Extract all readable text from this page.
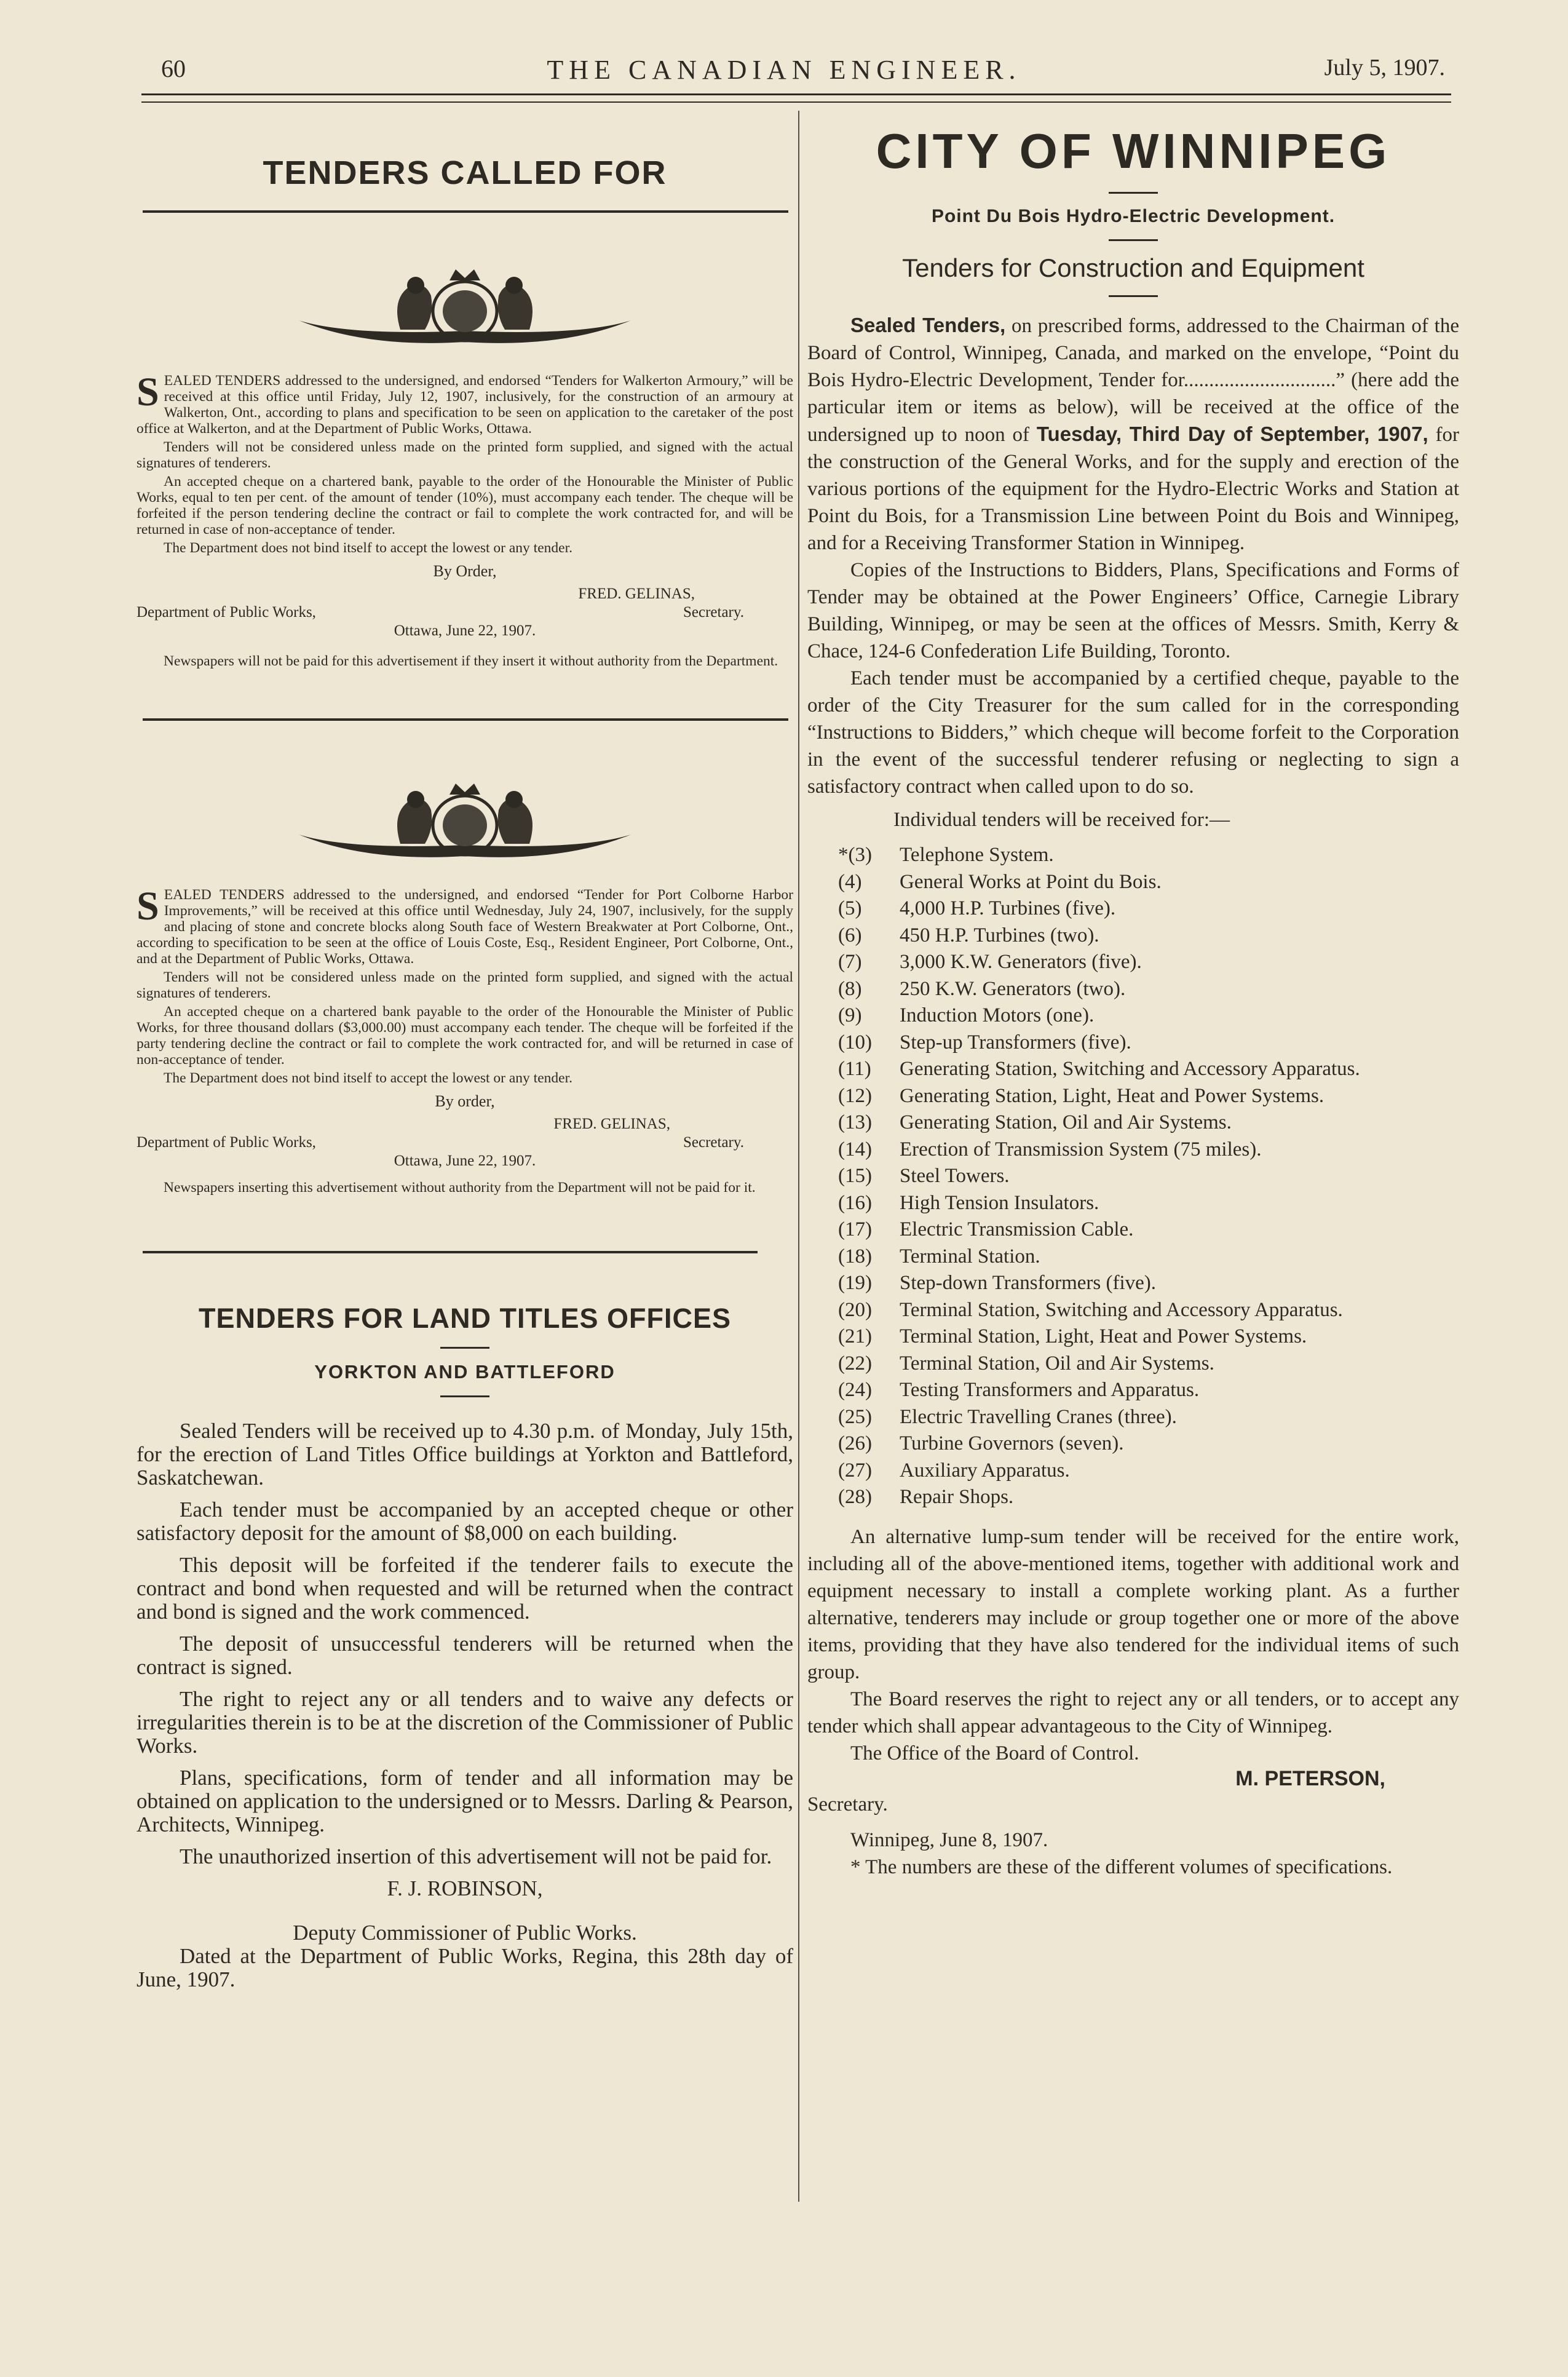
60	THE CANADIAN ENGINEER.	July 5, 1907.
TENDERS CALLED FOR

SEALED TENDERS addressed to the undersigned, and endorsed “Tenders for Walkerton Armoury,” will be received at this office until Friday, July 12, 1907, inclusively, for the construction of an armoury at Walkerton, Ont., according to plans and specification to be seen on application to the caretaker of the post office at Walkerton, and at the Department of Public Works, Ottawa.

Tenders will not be considered unless made on the printed form supplied, and signed with the actual signatures of tenderers.

An accepted cheque on a chartered bank, payable to the order of the Honourable the Minister of Public Works, equal to ten per cent. of the amount of tender (10%), must accompany each tender. The cheque will be forfeited if the person tendering decline the contract or fail to complete the work contracted for, and will be returned in case of non-acceptance of tender.

The Department does not bind itself to accept the lowest or any tender.

By Order,
FRED. GELINAS,
Department of Public Works,	Secretary.
Ottawa, June 22, 1907.

Newspapers will not be paid for this advertisement if they insert it without authority from the Department.

SEALED TENDERS addressed to the undersigned, and endorsed “Tender for Port Colborne Harbor Improvements,” will be received at this office until Wednesday, July 24, 1907, inclusively, for the supply and placing of stone and concrete blocks along South face of Western Breakwater at Port Colborne, Ont., according to specification to be seen at the office of Louis Coste, Esq., Resident Engineer, Port Colborne, Ont., and at the Department of Public Works, Ottawa.

Tenders will not be considered unless made on the printed form supplied, and signed with the actual signatures of tenderers.

An accepted cheque on a chartered bank payable to the order of the Honourable the Minister of Public Works, for three thousand dollars ($3,000.00) must accompany each tender. The cheque will be forfeited if the party tendering decline the contract or fail to complete the work contracted for, and will be returned in case of non-acceptance of tender.

The Department does not bind itself to accept the lowest or any tender.

By order,
FRED. GELINAS,
Department of Public Works,	Secretary.
Ottawa, June 22, 1907.

Newspapers inserting this advertisement without authority from the Department will not be paid for it.

TENDERS FOR LAND TITLES OFFICES
YORKTON AND BATTLEFORD

Sealed Tenders will be received up to 4.30 p.m. of Monday, July 15th, for the erection of Land Titles Office buildings at Yorkton and Battleford, Saskatchewan.

Each tender must be accompanied by an accepted cheque or other satisfactory deposit for the amount of $8,000 on each building.

This deposit will be forfeited if the tenderer fails to execute the contract and bond when requested and will be returned when the contract and bond is signed and the work commenced.

The deposit of unsuccessful tenderers will be returned when the contract is signed.

The right to reject any or all tenders and to waive any defects or irregularities therein is to be at the discretion of the Commissioner of Public Works.

Plans, specifications, form of tender and all information may be obtained on application to the undersigned or to Messrs. Darling & Pearson, Architects, Winnipeg.

The unauthorized insertion of this advertisement will not be paid for.

F. J. ROBINSON,
Deputy Commissioner of Public Works.

Dated at the Department of Public Works, Regina, this 28th day of June, 1907.

CITY OF WINNIPEG
Point Du Bois Hydro-Electric Development.
Tenders for Construction and Equipment

Sealed Tenders, on prescribed forms, addressed to the Chairman of the Board of Control, Winnipeg, Canada, and marked on the envelope, “Point du Bois Hydro-Electric Development, Tender for..............................” (here add the particular item or items as below), will be received at the office of the undersigned up to noon of Tuesday, Third Day of September, 1907, for the construction of the General Works, and for the supply and erection of the various portions of the equipment for the Hydro-Electric Works and Station at Point du Bois, for a Transmission Line between Point du Bois and Winnipeg, and for a Receiving Transformer Station in Winnipeg.

Copies of the Instructions to Bidders, Plans, Specifications and Forms of Tender may be obtained at the Power Engineers’ Office, Carnegie Library Building, Winnipeg, or may be seen at the offices of Messrs. Smith, Kerry & Chace, 124-6 Confederation Life Building, Toronto.

Each tender must be accompanied by a certified cheque, payable to the order of the City Treasurer for the sum called for in the corresponding “Instructions to Bidders,” which cheque will become forfeit to the Corporation in the event of the successful tenderer refusing or neglecting to sign a satisfactory contract when called upon to do so.

Individual tenders will be received for:—

*(3) Telephone System.
(4) General Works at Point du Bois.
(5) 4,000 H.P. Turbines (five).
(6) 450 H.P. Turbines (two).
(7) 3,000 K.W. Generators (five).
(8) 250 K.W. Generators (two).
(9) Induction Motors (one).
(10) Step-up Transformers (five).
(11) Generating Station, Switching and Accessory Apparatus.
(12) Generating Station, Light, Heat and Power Systems.
(13) Generating Station, Oil and Air Systems.
(14) Erection of Transmission System (75 miles).
(15) Steel Towers.
(16) High Tension Insulators.
(17) Electric Transmission Cable.
(18) Terminal Station.
(19) Step-down Transformers (five).
(20) Terminal Station, Switching and Accessory Apparatus.
(21) Terminal Station, Light, Heat and Power Systems.
(22) Terminal Station, Oil and Air Systems.
(24) Testing Transformers and Apparatus.
(25) Electric Travelling Cranes (three).
(26) Turbine Governors (seven).
(27) Auxiliary Apparatus.
(28) Repair Shops.

An alternative lump-sum tender will be received for the entire work, including all of the above-mentioned items, together with additional work and equipment necessary to install a complete working plant. As a further alternative, tenderers may include or group together one or more of the above items, providing that they have also tendered for the individual items of such group.

The Board reserves the right to reject any or all tenders, or to accept any tender which shall appear advantageous to the City of Winnipeg.

The Office of the Board of Control.

M. PETERSON,
Secretary.

Winnipeg, June 8, 1907.

* The numbers are these of the different volumes of specifications.
